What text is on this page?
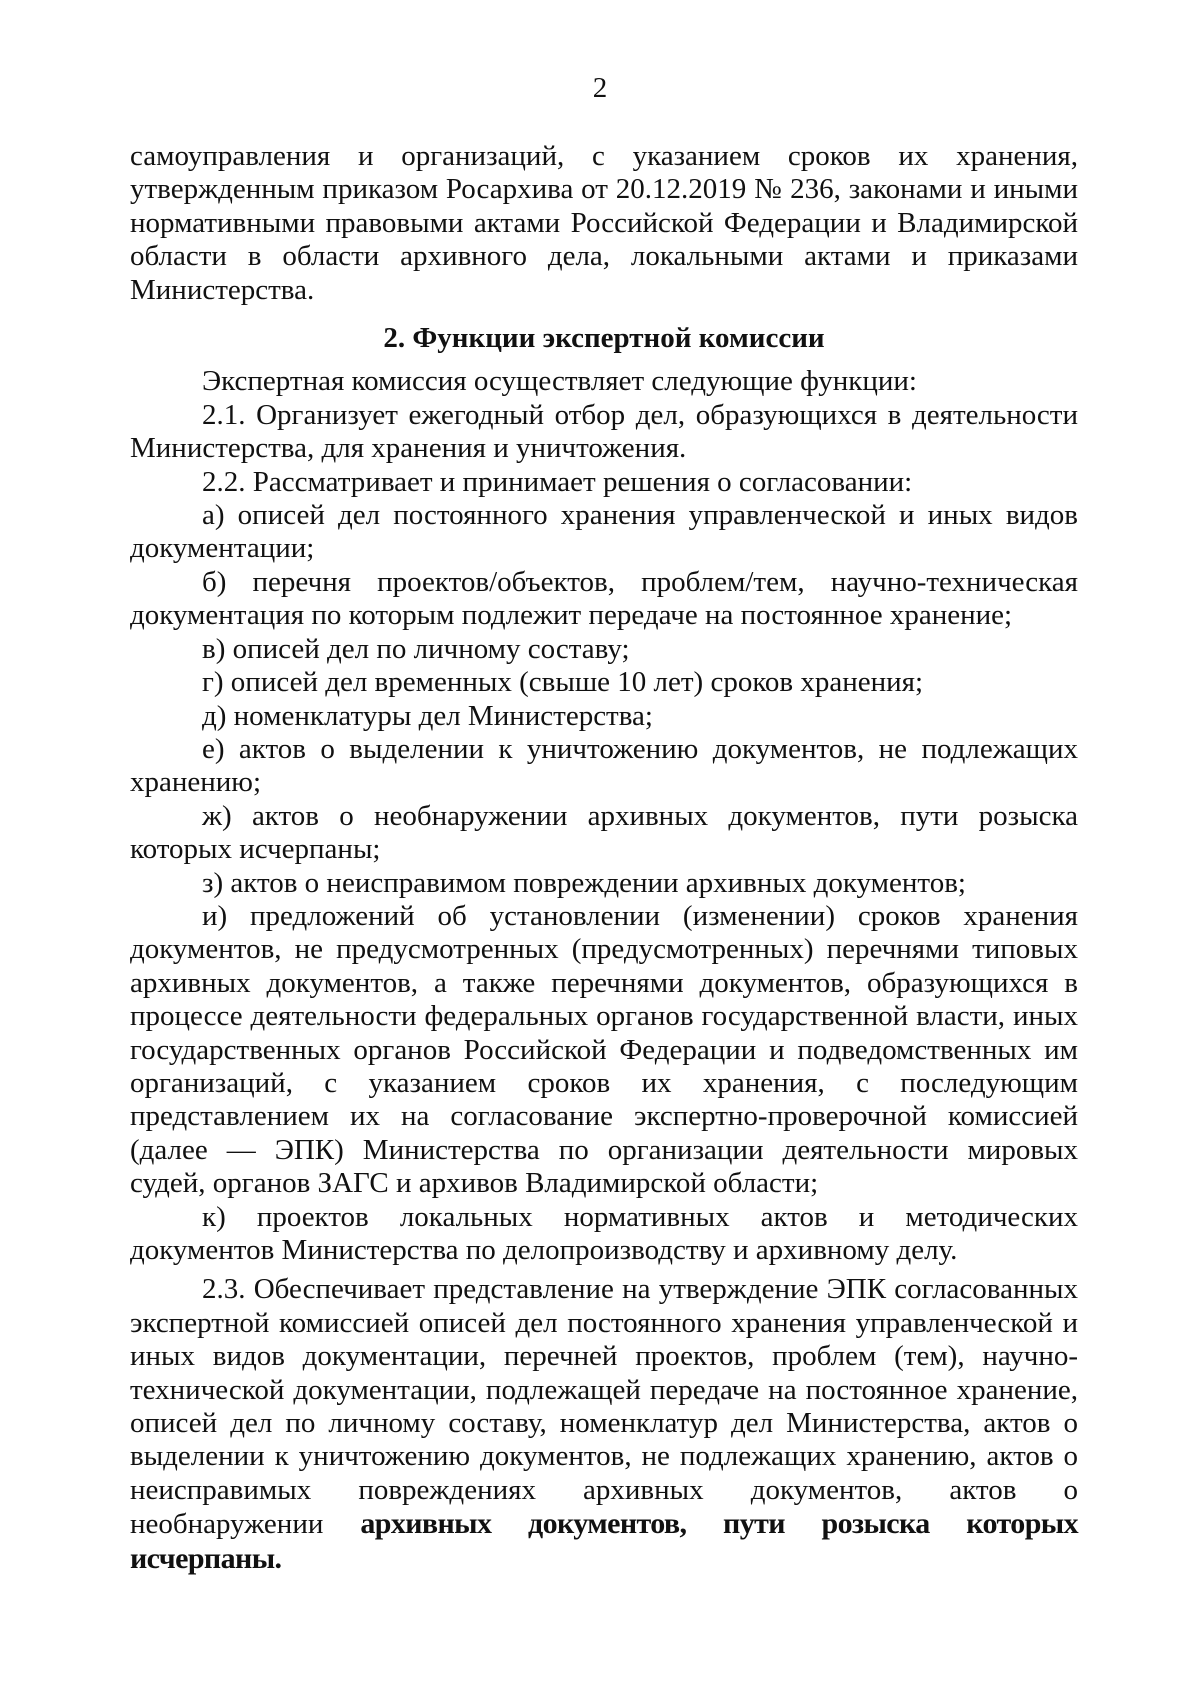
2

самоуправления и организаций, с указанием сроков их хранения, утвержденным приказом Росархива от 20.12.2019 № 236, законами и иными нормативными правовыми актами Российской Федерации и Владимирской области в области архивного дела, локальными актами и приказами Министерства.

2. Функции экспертной комиссии

Экспертная комиссия осуществляет следующие функции:

2.1. Организует ежегодный отбор дел, образующихся в деятельности Министерства, для хранения и уничтожения.

2.2. Рассматривает и принимает решения о согласовании:

а) описей дел постоянного хранения управленческой и иных видов документации;

б) перечня проектов/объектов, проблем/тем, научно-техническая документация по которым подлежит передаче на постоянное хранение;

в) описей дел по личному составу;

г) описей дел временных (свыше 10 лет) сроков хранения;

д) номенклатуры дел Министерства;

е) актов о выделении к уничтожению документов, не подлежащих хранению;

ж) актов о необнаружении архивных документов, пути розыска которых исчерпаны;

з) актов о неисправимом повреждении архивных документов;

и) предложений об установлении (изменении) сроков хранения документов, не предусмотренных (предусмотренных) перечнями типовых архивных документов, а также перечнями документов, образующихся в процессе деятельности федеральных органов государственной власти, иных государственных органов Российской Федерации и подведомственных им организаций, с указанием сроков их хранения, с последующим представлением их на согласование экспертно-проверочной комиссией (далее — ЭПК) Министерства по организации деятельности мировых судей, органов ЗАГС и архивов Владимирской области;

к) проектов локальных нормативных актов и методических документов Министерства по делопроизводству и архивному делу.

2.3. Обеспечивает представление на утверждение ЭПК согласованных экспертной комиссией описей дел постоянного хранения управленческой и иных видов документации, перечней проектов, проблем (тем), научно-технической документации, подлежащей передаче на постоянное хранение, описей дел по личному составу, номенклатур дел Министерства, актов о выделении к уничтожению документов, не подлежащих хранению, актов о неисправимых повреждениях архивных документов, актов о необнаружении архивных документов, пути розыска которых исчерпаны.
